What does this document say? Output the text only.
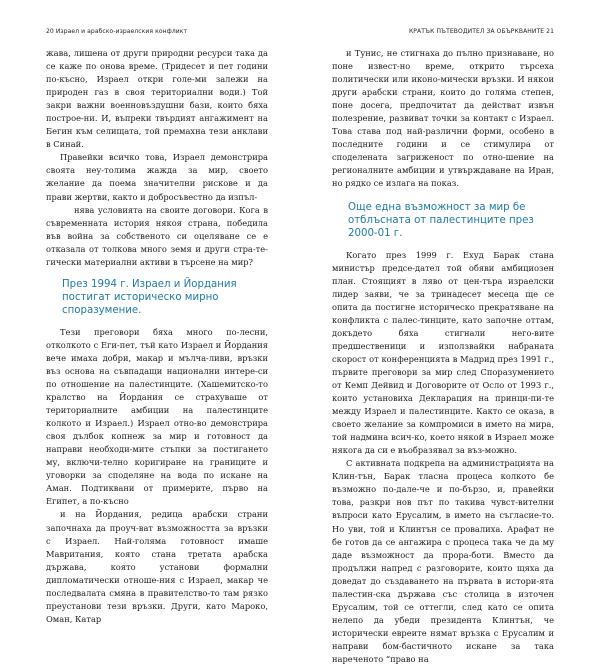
20 Израел и арабско-израелския конфликт

жава, лишена от други природни ресурси така да се каже по онова време. (Тридесет и пет години по-късно, Израел откри голе-ми залежи на природен газ в своя териториални води.) Той закри важни военновъздушни бази, които бяха построе-ни. И, въпреки твърдият ангажимент на Бегин към селищата, той премахна тези анклави в Синай.

Правейки всичко това, Израел демонстрира своята неу-толима жажда за мир, своето желание да поема значителни рискове и да прави жертви, както и добросъвестно да изпъл-

нява условията на своите договори. Кога в съвременната история някоя страна, победила във война за собственото си оцеляване се е отказала от толкова много земя и други стра-те-гически материални активи в търсене на мир?

През 1994 г. Израел и Йордания постигат историческо мирно споразумение.

Тези преговори бяха много по-лесни, отколкото с Еги-пет, тъй като Израел и Йордания вече имаха добри, макар и мълча-ливи, връзки въз основа на съвпадащи национални интере-си по отношение на палестинците. (Хашемитско-то кралство на Йордания се страхуваше от териториалните амбиции на палестинците колкото и Израел.) Израел отно-во демонстрира своя дълбок копнеж за мир и готовност да направи необходи-мите стъпки за постигането му, включи-телно коригиране на границите и уговорки за споделяне на вода по искане на Аман. Подтиквани от примерите, първо на Египет, а по-късно

и на Йордания, редица арабски страни започнаха да проуч-ват възможността за връзки с Израел. Най-голяма готовност имаше Мавритания, която стана третата арабска държава, която установи формални дипломатически отноше-ния с Израел, макар че последвалата смяна в правителство-то там рязко преустанови тези връзки. Други, като Мароко, Оман, Катар

КРАТЪК ПЪТЕВОДИТЕЛ ЗА ОБЪРКВАНИТЕ 21

и Тунис, не стигнаха до пълно признаване, но поне извест-но време, открито търсеха политически или иконо-мически връзки. И някои други арабски страни, които до голяма степен, поне досега, предпочитат да действат извън полезрение, развиват точки за контакт с Израел. Това става под най-различни форми, особено в последните години и се стимулира от споделената загриженост по отно-шение на регионалните амбиции и утвърждаване на Иран, но рядко се излага на показ.

Още една възможност за мир бе отблъсната от палестинците през 2000-01 г.

Когато през 1999 г. Ехуд Барак стана министър предсе-дател той обяви амбициозен план. Стоящият в ляво от цен-търа израелски лидер заяви, че за тринадесет месеца ще се опита да постигне историческо прекратяване на конфликта с палес-тинците, като започне оттам, докъдето бяха стигнали него-вите предшественици и използвайки набраната скорост от конференцията в Мадрид през 1991 г., първите преговори за мир след Споразумението от Кемп Дейвид и Договорите от Осло от 1993 г., които установиха Декларация на принци-пи-те между Израел и палестинците. Както се оказа, в своето желание за компромиси в името на мира, той надмина всич-ко, което някой в Израел може някога да си е въобразявал за въз-можно.

С активната подкрепа на администрацията на Клин-тън, Барак тласна процеса колкото бе възможно по-дале-че и по-бързо, и, правейки това, разкри нов път по такива чувст-вителни въпроси като Ерусалим, в името на съгласие-то. Но уви, той и Клинтън се провалиха. Арафат не бе готов да се ангажира с процеса така че да му даде възможност да прора-боти. Вместо да продължи напред с разговорите, които щяха да доведат до създаването на първата в истори-ята палестин-ска държава със столица в източен Ерусалим, той се оттегли, след като се опита нелепо да убеди президента Клинтън, че исторически евреите нямат връзка с Ерусалим и направи бом-бастичното искане за така нареченото “право на
